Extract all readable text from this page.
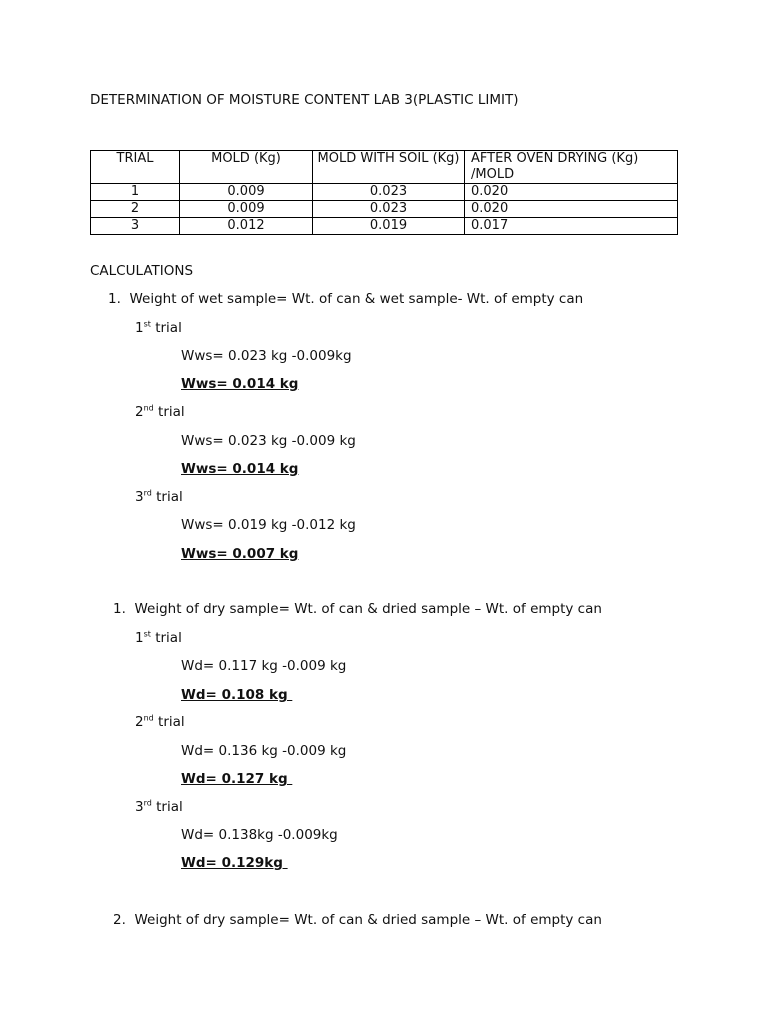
DETERMINATION OF MOISTURE CONTENT LAB 3(PLASTIC LIMIT)
TRIAL	MOLD (Kg)	MOLD WITH SOIL (Kg)	AFTER OVEN DRYING (Kg) /MOLD
1	0.009	0.023	0.020
2	0.009	0.023	0.020
3	0.012	0.019	0.017
CALCULATIONS
1. Weight of wet sample= Wt. of can & wet sample- Wt. of empty can
1st trial
Wws= 0.023 kg -0.009kg
Wws= 0.014 kg
2nd trial
Wws= 0.023 kg -0.009 kg
Wws= 0.014 kg
3rd trial
Wws= 0.019 kg -0.012 kg
Wws= 0.007 kg
1. Weight of dry sample= Wt. of can & dried sample – Wt. of empty can
1st trial
Wd= 0.117 kg -0.009 kg
Wd= 0.108 kg
2nd trial
Wd= 0.136 kg -0.009 kg
Wd= 0.127 kg
3rd trial
Wd= 0.138kg -0.009kg
Wd= 0.129kg
2. Weight of dry sample= Wt. of can & dried sample – Wt. of empty can
